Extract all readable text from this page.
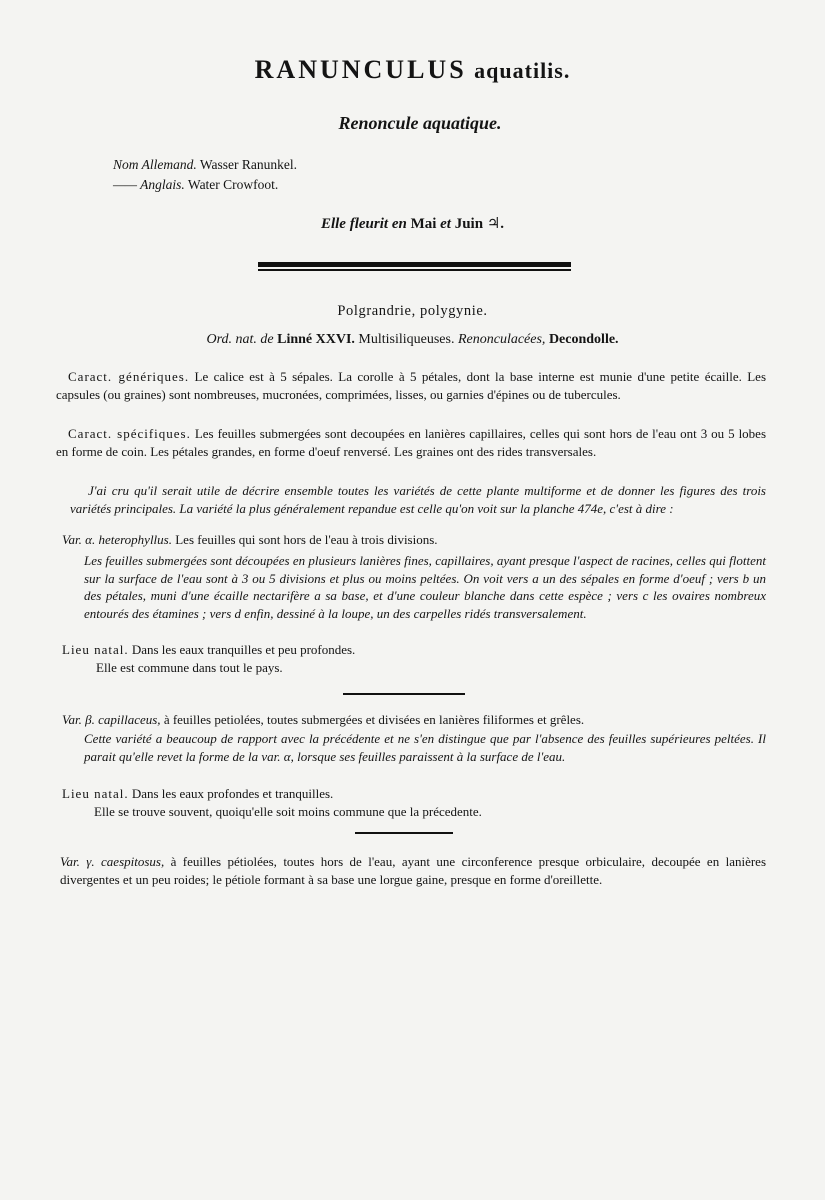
RANUNCULUS aquatilis.
Renoncule aquatique.
Nom Allemand. Wasser Ranunkel.
—— Anglais. Water Crowfoot.
Elle fleurit en Mai et Juin ♃.
Polgrandrie, polygynie.
Ord. nat. de Linné XXVI. Multisiliqueuses. Renonculacées, Decondolle.

Caract. génériques. Le calice est à 5 sépales. La corolle à 5 pétales, dont la base interne est munie d'une petite écaille. Les capsules (ou graines) sont nombreuses, mucronées, comprimées, lisses, ou garnies d'épines ou de tubercules.

Caract. spécifiques. Les feuilles submergées sont decoupées en lanières capillaires, celles qui sont hors de l'eau ont 3 ou 5 lobes en forme de coin. Les pétales grandes, en forme d'oeuf renversé. Les graines ont des rides transversales.

J'ai cru qu'il serait utile de décrire ensemble toutes les variétés de cette plante multiforme et de donner les figures des trois variétés principales. La variété la plus généralement repandue est celle qu'on voit sur la planche 474e, c'est à dire :

Var. α. heterophyllus. Les feuilles qui sont hors de l'eau à trois divisions.

Les feuilles submergées sont découpées en plusieurs lanières fines, capillaires, ayant presque l'aspect de racines, celles qui flottent sur la surface de l'eau sont à 3 ou 5 divisions et plus ou moins peltées. On voit vers a un des sépales en forme d'oeuf ; vers b un des pétales, muni d'une écaille nectarifère a sa base, et d'une couleur blanche dans cette espèce ; vers c les ovaires nombreux entourés des étamines ; vers d enfin, dessiné à la loupe, un des carpelles ridés transversalement.

Lieu natal. Dans les eaux tranquilles et peu profondes.

Elle est commune dans tout le pays.

Var. β. capillaceus, à feuilles petiolées, toutes submergées et divisées en lanières filiformes et grêles.

Cette variété a beaucoup de rapport avec la précédente et ne s'en distingue que par l'absence des feuilles supérieures peltées. Il parait qu'elle revet la forme de la var. α, lorsque ses feuilles paraissent à la surface de l'eau.

Lieu natal. Dans les eaux profondes et tranquilles.

Elle se trouve souvent, quoiqu'elle soit moins commune que la précedente.

Var. γ. caespitosus, à feuilles pétiolées, toutes hors de l'eau, ayant une circonference presque orbiculaire, decoupée en lanières divergentes et un peu roides; le pétiole formant à sa base une lorgue gaine, presque en forme d'oreillette.
